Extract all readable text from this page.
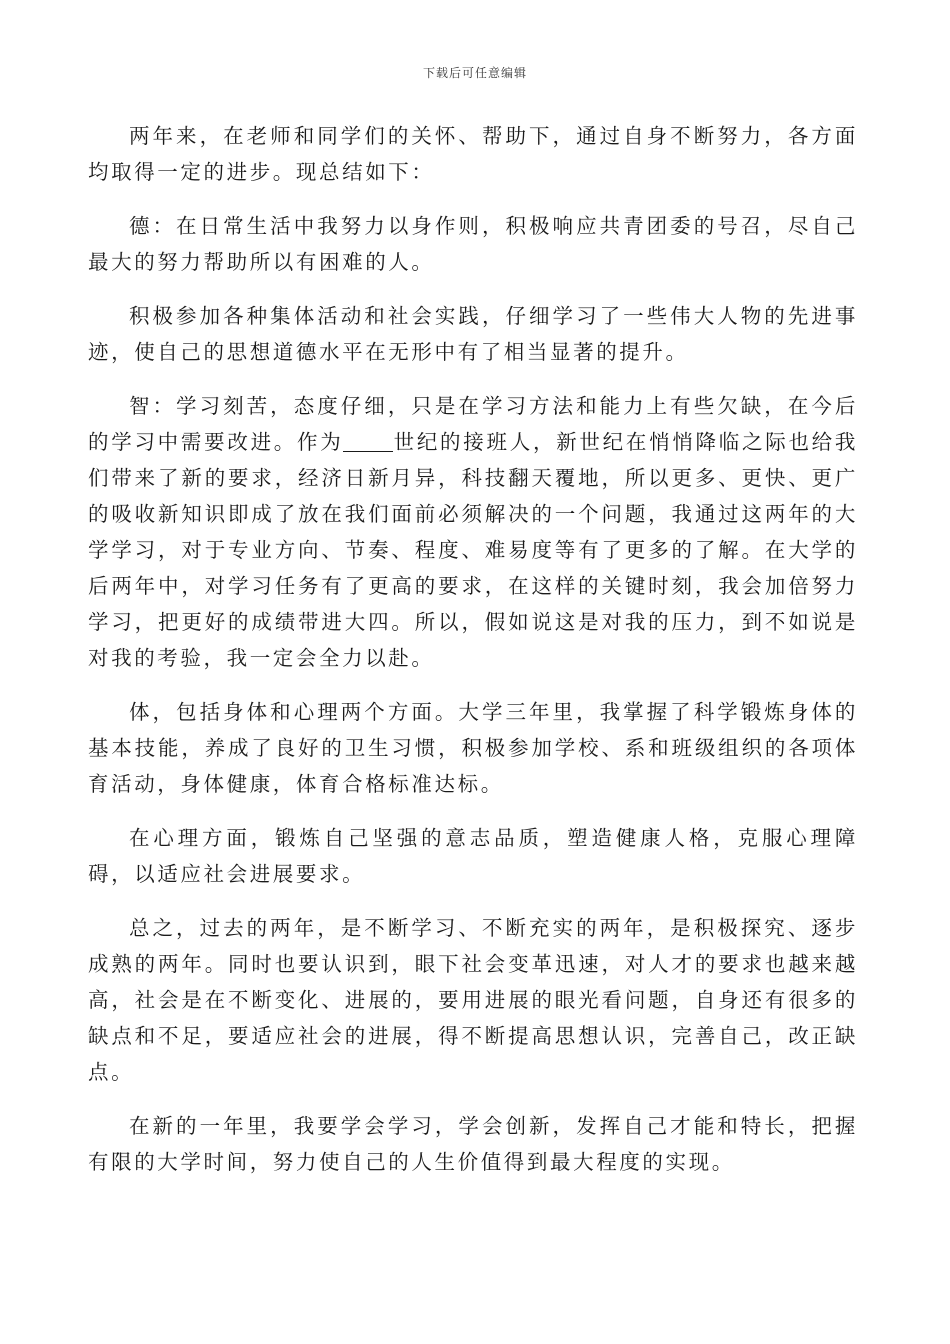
下载后可任意编辑

两年来，在老师和同学们的关怀、帮助下，通过自身不断努力，各方面均取得一定的进步。现总结如下：

德：在日常生活中我努力以身作则，积极响应共青团委的号召，尽自己最大的努力帮助所以有困难的人。

积极参加各种集体活动和社会实践，仔细学习了一些伟大人物的先进事迹，使自己的思想道德水平在无形中有了相当显著的提升。

智：学习刻苦，态度仔细，只是在学习方法和能力上有些欠缺，在今后的学习中需要改进。作为 世纪的接班人，新世纪在悄悄降临之际也给我们带来了新的要求，经济日新月异，科技翻天覆地，所以更多、更快、更广的吸收新知识即成了放在我们面前必须解决的一个问题，我通过这两年的大学学习，对于专业方向、节奏、程度、难易度等有了更多的了解。在大学的后两年中，对学习任务有了更高的要求，在这样的关键时刻，我会加倍努力学习，把更好的成绩带进大四。所以，假如说这是对我的压力，到不如说是对我的考验，我一定会全力以赴。

体，包括身体和心理两个方面。大学三年里，我掌握了科学锻炼身体的基本技能，养成了良好的卫生习惯，积极参加学校、系和班级组织的各项体育活动，身体健康，体育合格标准达标。

在心理方面，锻炼自己坚强的意志品质，塑造健康人格，克服心理障碍，以适应社会进展要求。

总之，过去的两年，是不断学习、不断充实的两年，是积极探究、逐步成熟的两年。同时也要认识到，眼下社会变革迅速，对人才的要求也越来越高，社会是在不断变化、进展的，要用进展的眼光看问题，自身还有很多的缺点和不足，要适应社会的进展，得不断提高思想认识，完善自己，改正缺点。

在新的一年里，我要学会学习，学会创新，发挥自己才能和特长，把握有限的大学时间，努力使自己的人生价值得到最大程度的实现。
